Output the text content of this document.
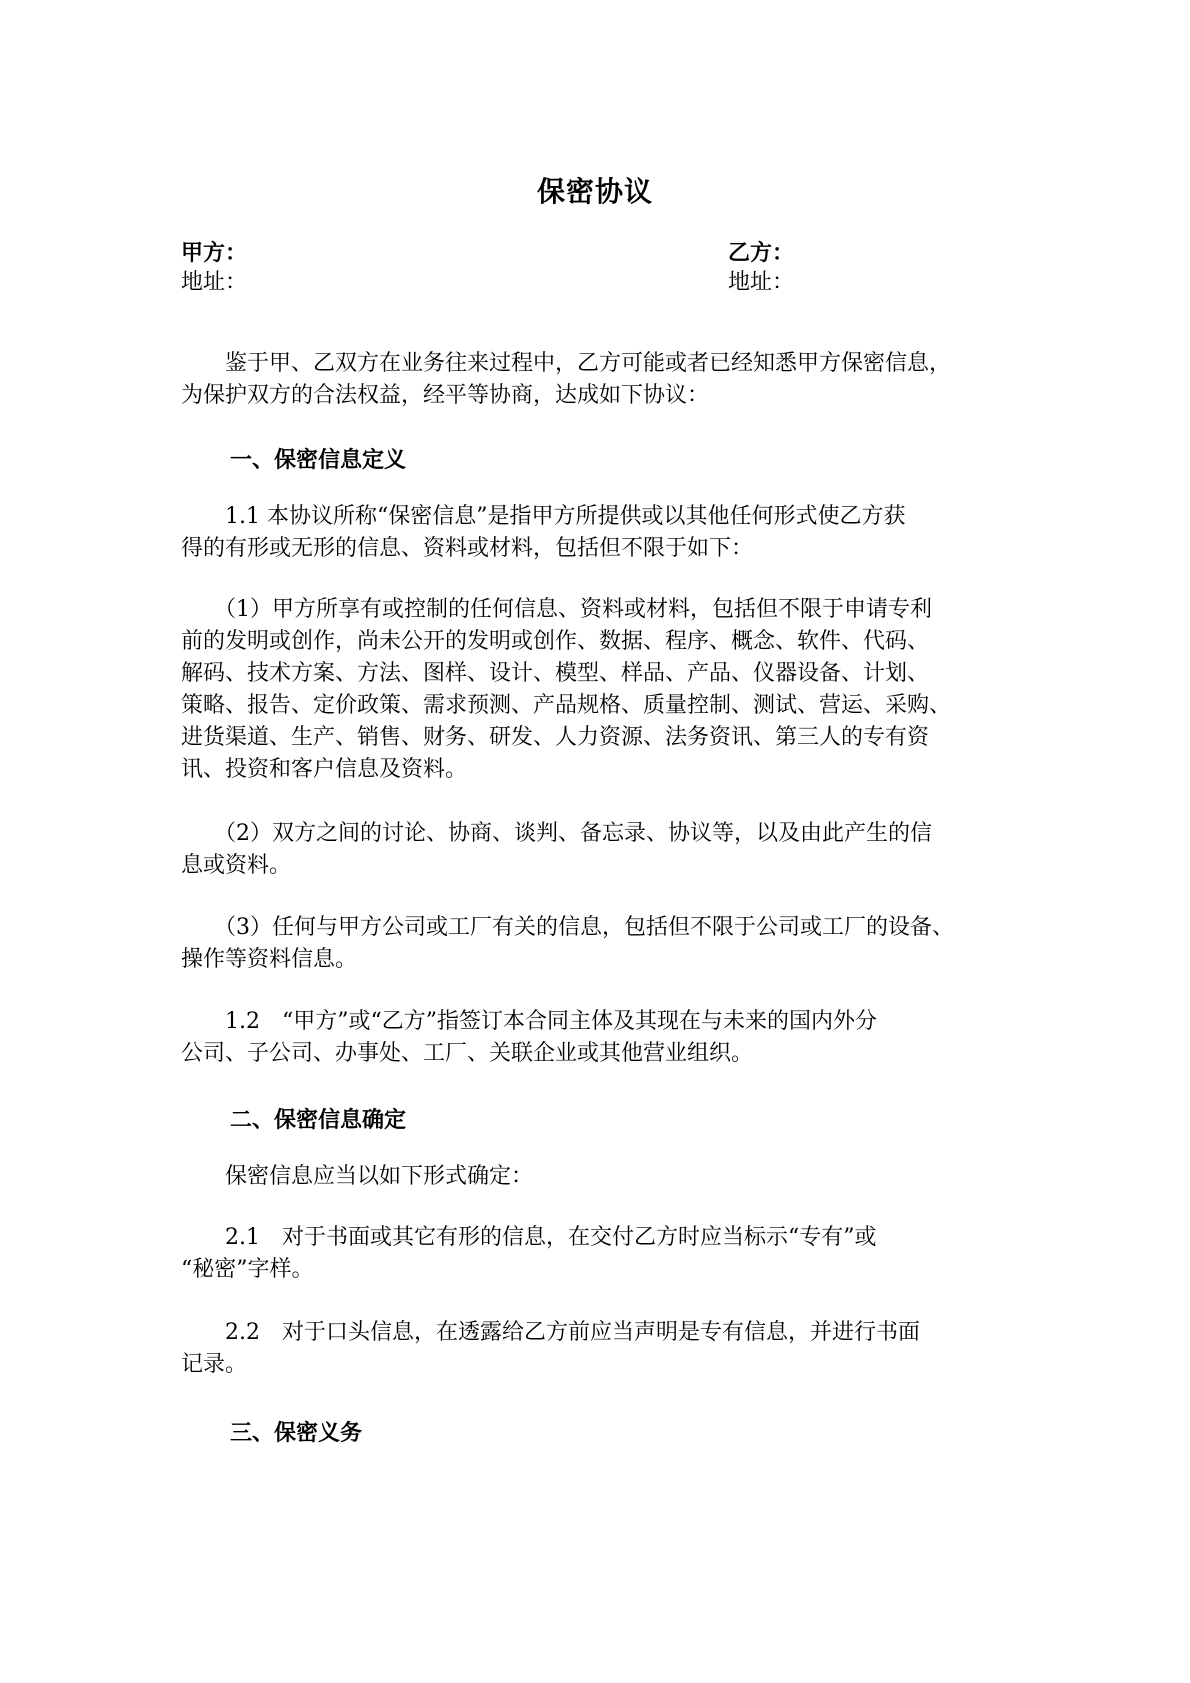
保密协议
甲方：
地址：
乙方：
地址：

　　鉴于甲、乙双方在业务往来过程中，乙方可能或者已经知悉甲方保密信息，
为保护双方的合法权益，经平等协商，达成如下协议：

一、保密信息定义

　　1.1 本协议所称“保密信息”是指甲方所提供或以其他任何形式使乙方获
得的有形或无形的信息、资料或材料，包括但不限于如下：

　　（1）甲方所享有或控制的任何信息、资料或材料，包括但不限于申请专利
前的发明或创作，尚未公开的发明或创作、数据、程序、概念、软件、代码、
解码、技术方案、方法、图样、设计、模型、样品、产品、仪器设备、计划、
策略、报告、定价政策、需求预测、产品规格、质量控制、测试、营运、采购、
进货渠道、生产、销售、财务、研发、人力资源、法务资讯、第三人的专有资
讯、投资和客户信息及资料。

　　（2）双方之间的讨论、协商、谈判、备忘录、协议等，以及由此产生的信
息或资料。

　　（3）任何与甲方公司或工厂有关的信息，包括但不限于公司或工厂的设备、
操作等资料信息。

　　1.2　“甲方”或“乙方”指签订本合同主体及其现在与未来的国内外分
公司、子公司、办事处、工厂、关联企业或其他营业组织。

二、保密信息确定

　　保密信息应当以如下形式确定：

　　2.1　对于书面或其它有形的信息，在交付乙方时应当标示“专有”或
“秘密”字样。

　　2.2　对于口头信息，在透露给乙方前应当声明是专有信息，并进行书面
记录。

三、保密义务
